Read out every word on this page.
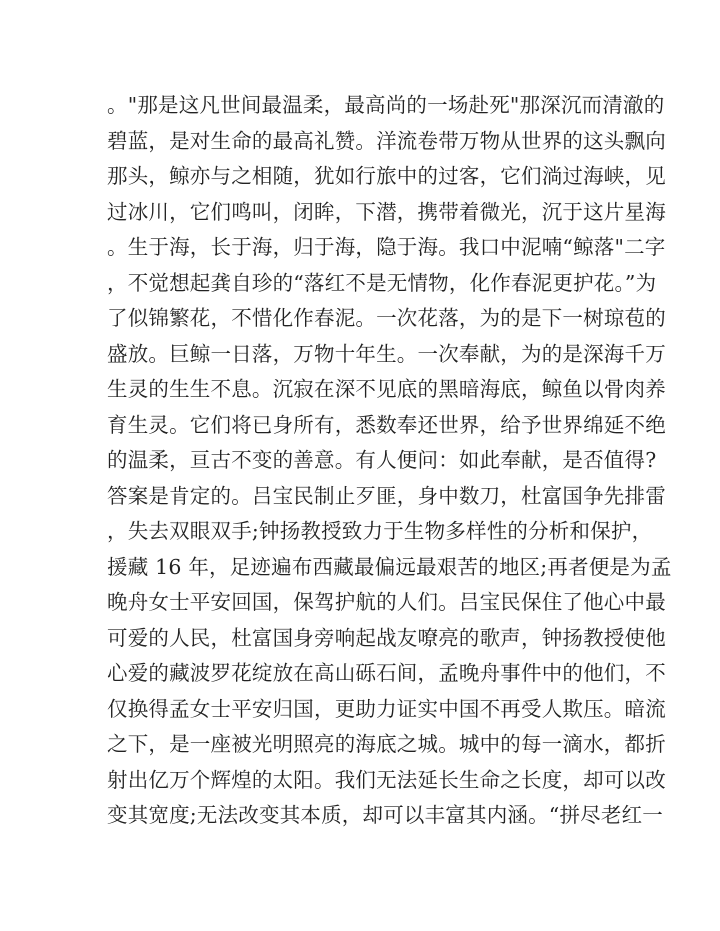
。"那是这凡世间最温柔，最高尚的一场赴死"那深沉而清澈的
碧蓝，是对生命的最高礼赞。洋流卷带万物从世界的这头飘向
那头，鲸亦与之相随，犹如行旅中的过客，它们淌过海峡，见
过冰川，它们鸣叫，闭眸，下潜，携带着微光，沉于这片星海
。生于海，长于海，归于海，隐于海。我口中泥喃“鲸落"二字
，不觉想起龚自珍的“落红不是无情物，化作春泥更护花。”为
了似锦繁花，不惜化作春泥。一次花落，为的是下一树琼苞的
盛放。巨鲸一日落，万物十年生。一次奉献，为的是深海千万
生灵的生生不息。沉寂在深不见底的黑暗海底，鲸鱼以骨肉养
育生灵。它们将已身所有，悉数奉还世界，给予世界绵延不绝
的温柔，亘古不变的善意。有人便问：如此奉献，是否值得?
答案是肯定的。吕宝民制止歹匪，身中数刀，杜富国争先排雷
，失去双眼双手;钟扬教授致力于生物多样性的分析和保护，
援藏 16 年，足迹遍布西藏最偏远最艰苦的地区;再者便是为孟
晚舟女士平安回国，保驾护航的人们。吕宝民保住了他心中最
可爱的人民，杜富国身旁响起战友嘹亮的歌声，钟扬教授使他
心爱的藏波罗花绽放在高山砾石间，孟晚舟事件中的他们，不
仅换得孟女士平安归国，更助力证实中国不再受人欺压。暗流
之下，是一座被光明照亮的海底之城。城中的每一滴水，都折
射出亿万个辉煌的太阳。我们无法延长生命之长度，却可以改
变其宽度;无法改变其本质，却可以丰富其内涵。“拼尽老红一
